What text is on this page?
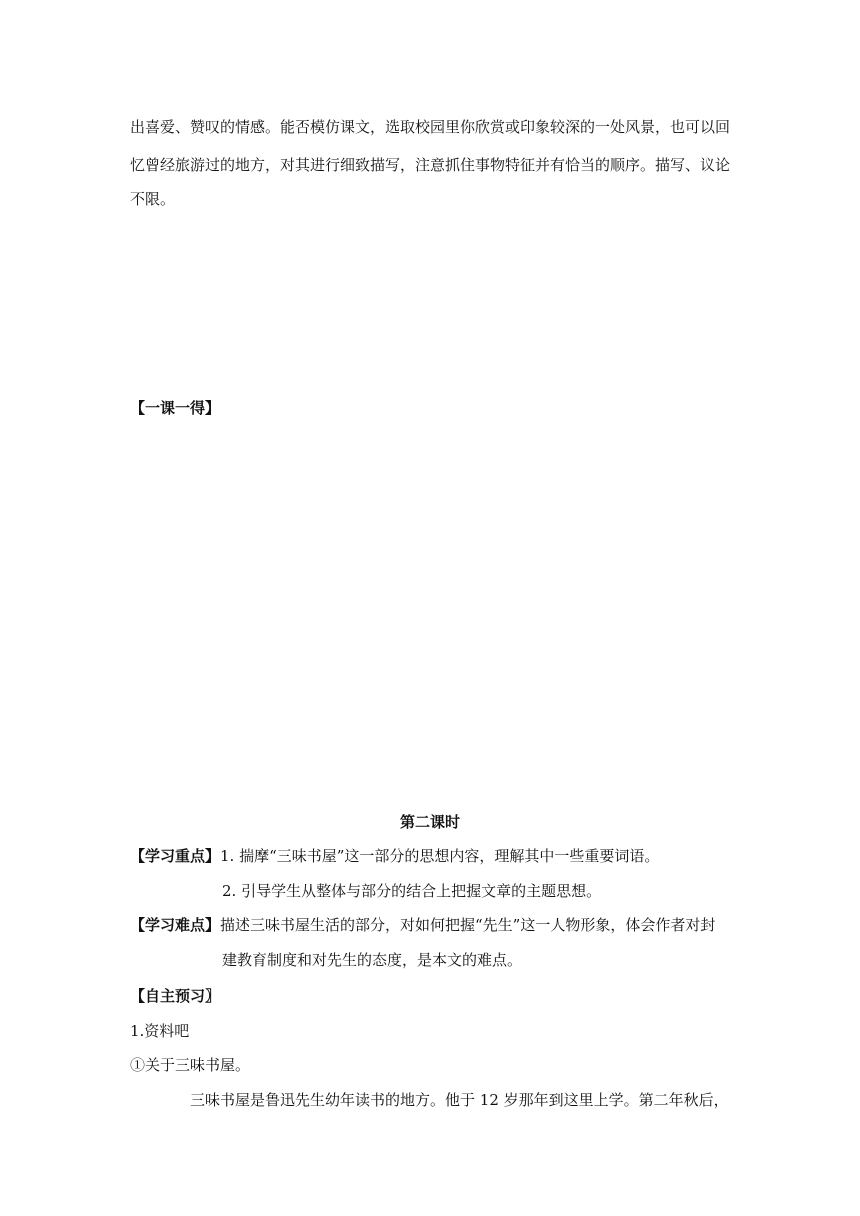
出喜爱、赞叹的情感。能否模仿课文，选取校园里你欣赏或印象较深的一处风景，也可以回
忆曾经旅游过的地方，对其进行细致描写，注意抓住事物特征并有恰当的顺序。描写、议论
不限。
【一课一得】
第二课时
【学习重点】1. 揣摩“三味书屋”这一部分的思想内容，理解其中一些重要词语。
2. 引导学生从整体与部分的结合上把握文章的主题思想。
【学习难点】描述三味书屋生活的部分，对如何把握“先生”这一人物形象，体会作者对封
建教育制度和对先生的态度，是本文的难点。
【自主预习〗
1.资料吧
①关于三味书屋。
三味书屋是鲁迅先生幼年读书的地方。他于 12 岁那年到这里上学。第二年秋后，
